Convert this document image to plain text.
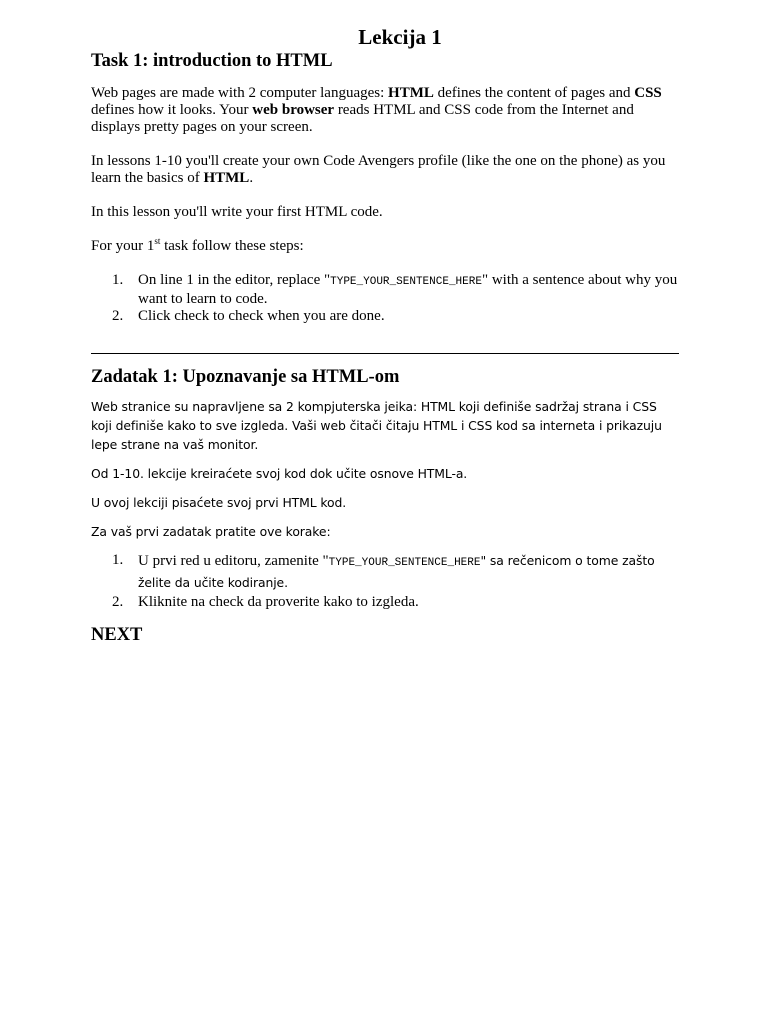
Lekcija 1
Task 1: introduction to HTML

Web pages are made with 2 computer languages: HTML defines the content of pages and CSS defines how it looks. Your web browser reads HTML and CSS code from the Internet and displays pretty pages on your screen.

In lessons 1-10 you'll create your own Code Avengers profile (like the one on the phone) as you learn the basics of HTML.

In this lesson you'll write your first HTML code.

For your 1st task follow these steps:

1. On line 1 in the editor, replace "TYPE_YOUR_SENTENCE_HERE" with a sentence about why you want to learn to code.
2. Click check to check when you are done.
Zadatak 1: Upoznavanje sa HTML-om

Web stranice su napravljene sa 2 kompjuterska jeika: HTML koji definiše sadržaj strana i CSS koji definiše kako to sve izgleda. Vaši web čitači čitaju HTML i CSS kod sa interneta i prikazuju lepe strane na vaš monitor.

Od 1-10. lekcije kreiraćete svoj kod dok učite osnove HTML-a.

U ovoj lekciji pisaćete svoj prvi HTML kod.

Za vaš prvi zadatak pratite ove korake:

1. U prvi red u editoru, zamenite "TYPE_YOUR_SENTENCE_HERE" sa rečenicom o tome zašto želite da učite kodiranje.
2. Kliknite na check da proverite kako to izgleda.
NEXT
